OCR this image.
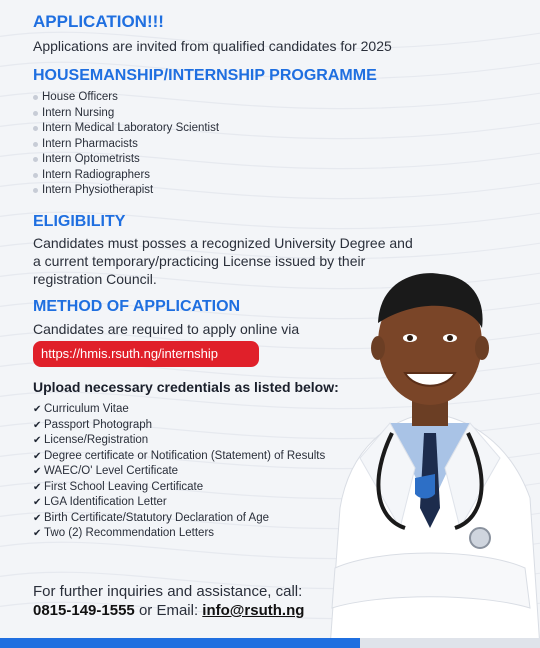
APPLICATION!!!

Applications are invited from qualified candidates for 2025

HOUSEMANSHIP/INTERNSHIP PROGRAMME
House Officers
Intern Nursing
Intern Medical Laboratory Scientist
Intern Pharmacists
Intern Optometrists
Intern Radiographers
Intern Physiotherapist
ELIGIBILITY

Candidates must posses a recognized University Degree and a current temporary/practicing License issued by their registration Council.

METHOD OF APPLICATION

Candidates are required to apply online via

Upload necessary credentials as listed below:
✔ Curriculum Vitae
✔ Passport Photograph
✔ License/Registration
✔ Degree certificate or Notification (Statement) of Results
✔ WAEC/O' Level Certificate
✔ First School Leaving Certificate
✔ LGA Identification Letter
✔ Birth Certificate/Statutory Declaration of Age
✔ Two (2) Recommendation Letters
https://hmis.rsuth.ng/internship
For further inquiries and assistance, call:
0815-149-1555 or Email: info@rsuth.ng
